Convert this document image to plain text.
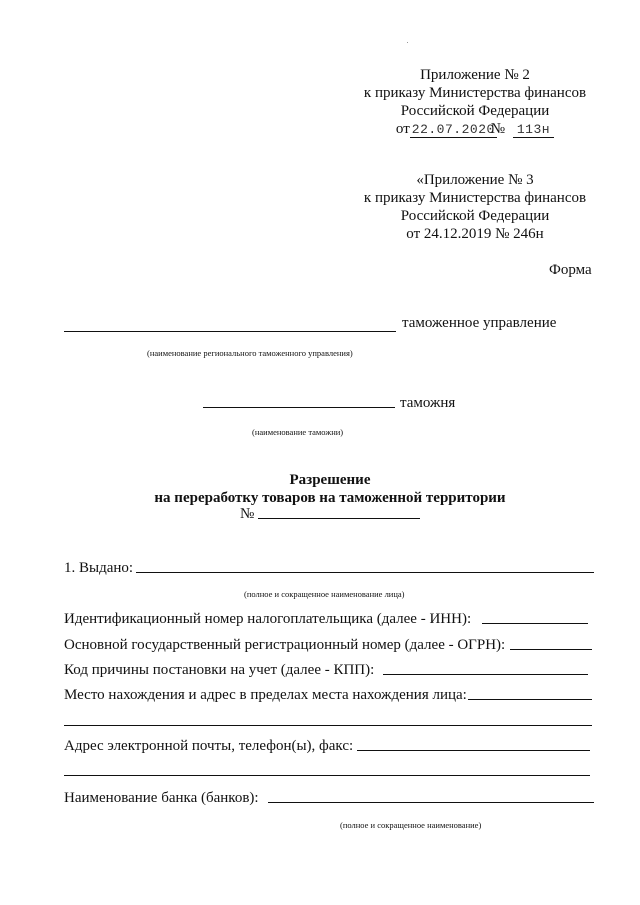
Приложение № 2
к приказу Министерства финансов
Российской Федерации
от 22.07.2020№ 113н
«Приложение № 3
к приказу Министерства финансов
Российской Федерации
от 24.12.2019 № 246н
Форма
таможенное управление
(наименование регионального таможенного управления)
таможня
(наименование таможни)
Разрешение
на переработку товаров на таможенной территории
№
1. Выдано:
(полное и сокращенное наименование лица)
Идентификационный номер налогоплательщика (далее - ИНН):
Основной государственный регистрационный номер (далее - ОГРН):
Код причины постановки на учет (далее - КПП):
Место нахождения и адрес в пределах места нахождения лица:
Адрес электронной почты, телефон(ы), факс:
Наименование банка (банков):
(полное и сокращенное наименование)
